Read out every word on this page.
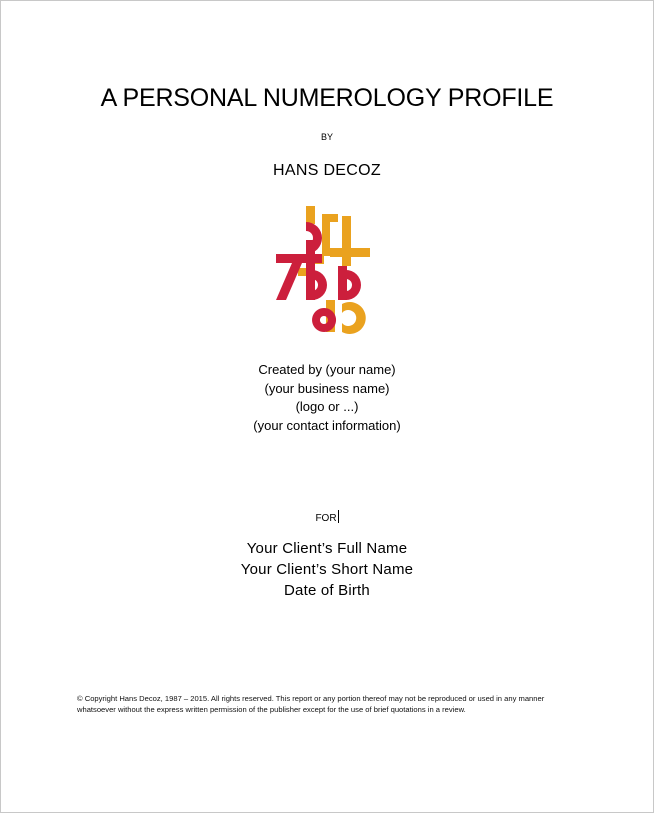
A PERSONAL NUMEROLOGY PROFILE
BY
HANS DECOZ
Created by (your name)
(your business name)
(logo or ...)
(your contact information)
FOR
Your Client’s Full Name
Your Client’s Short Name
Date of Birth
© Copyright Hans Decoz, 1987 – 2015. All rights reserved. This report or any portion thereof may not be reproduced or used in any manner whatsoever without the express written permission of the publisher except for the use of brief quotations in a review.
